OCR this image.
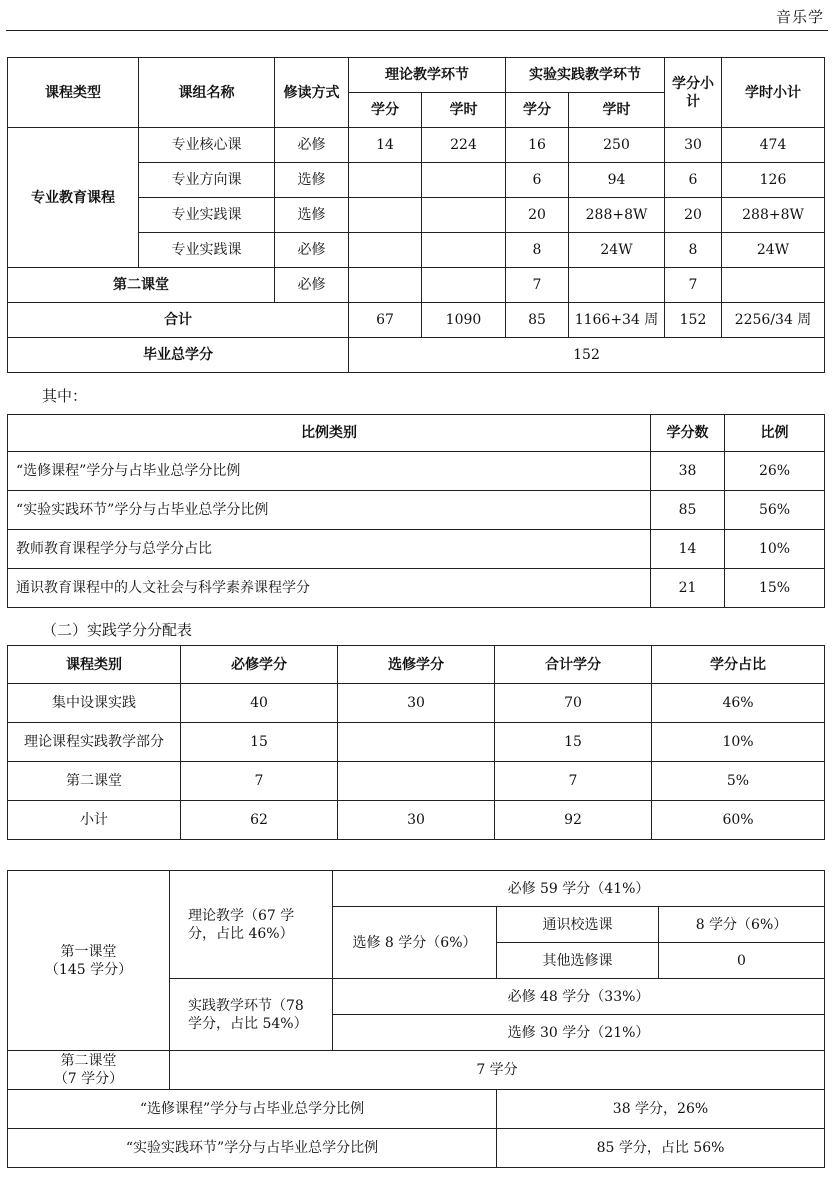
音乐学
课程类型	课组名称	修读方式	理论教学环节		实验实践教学环节		学分小计	学时小计
			学分	学时	学分	学时		
专业教育课程	专业核心课	必修	14	224	16	250	30	474
	专业方向课	选修			6	94	6	126
	专业实践课	选修			20	288+8W	20	288+8W
	专业实践课	必修			8	24W	8	24W
第二课堂		必修			7		7	
合计			67	1090	85	1166+34 周	152	2256/34 周
毕业总学分			152					
其中：
比例类别	学分数	比例
“选修课程”学分与占毕业总学分比例	38	26%
“实验实践环节”学分与占毕业总学分比例	85	56%
教师教育课程学分与总学分占比	14	10%
通识教育课程中的人文社会与科学素养课程学分	21	15%
（二）实践学分分配表
课程类别	必修学分	选修学分	合计学分	学分占比
集中设课实践	40	30	70	46%
理论课程实践教学部分	15		15	10%
第二课堂	7		7	5%
小计	62	30	92	60%
第一课堂
（145 学分）	理论教学（67 学
分，占比 46%）	必修 59 学分（41%）		
		选修 8 学分（6%）	通识校选课	8 学分（6%）
			其他选修课	0
	实践教学环节（78
学分，占比 54%）	必修 48 学分（33%）		
		选修 30 学分（21%）		
第二课堂
（7 学分）	7 学分			
“选修课程”学分与占毕业总学分比例			38 学分，26%	
“实验实践环节”学分与占毕业总学分比例			85 学分，占比 56%	
